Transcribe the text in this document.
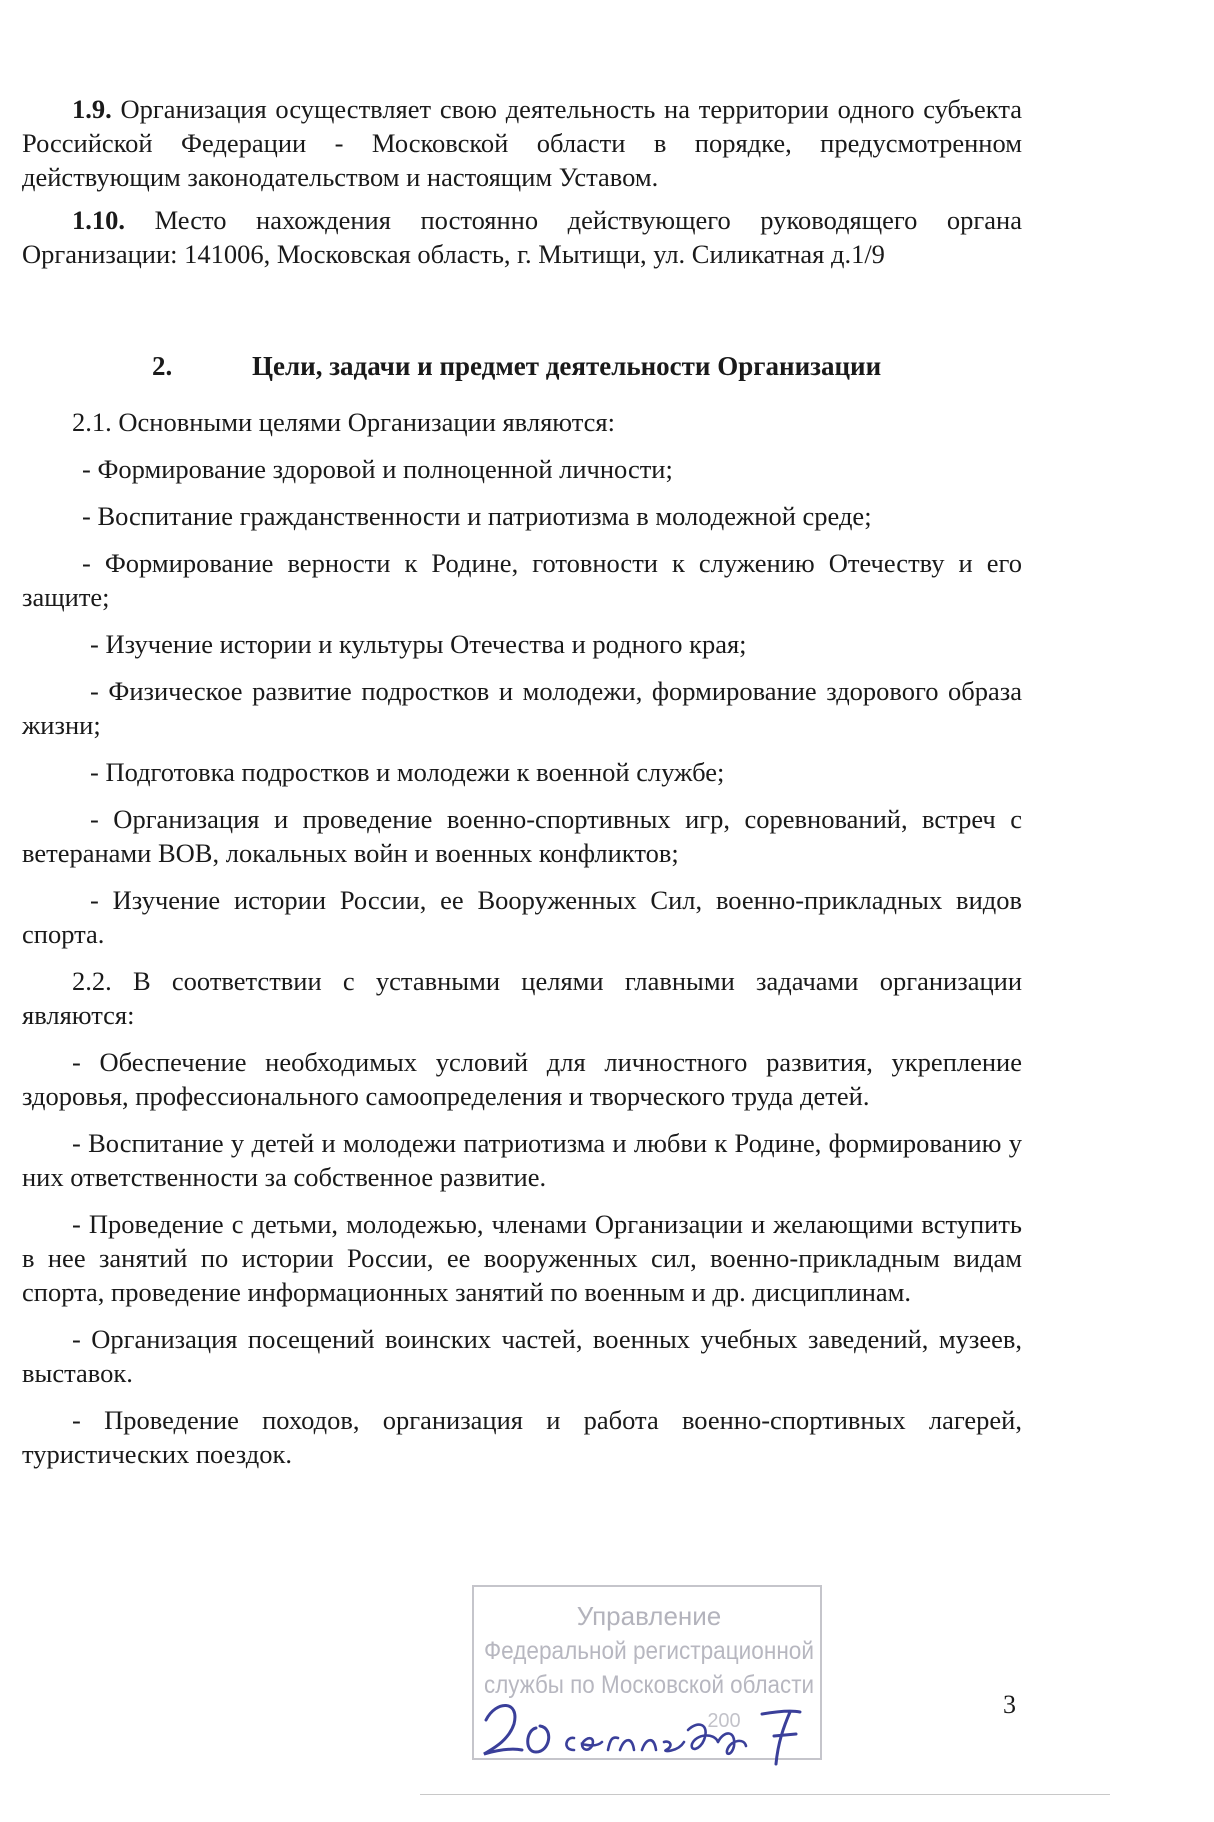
1.9. Организация осуществляет свою деятельность на территории одного субъекта Российской Федерации - Московской области в порядке, предусмотренном действующим законодательством и настоящим Уставом.

1.10. Место нахождения постоянно действующего руководящего органа Организации: 141006, Московская область, г. Мытищи, ул. Силикатная д.1/9

2.	Цели, задачи и предмет деятельности Организации

2.1. Основными целями Организации являются:

- Формирование здоровой и полноценной личности;

- Воспитание гражданственности и патриотизма в молодежной среде;

- Формирование верности к Родине, готовности к служению Отечеству и его защите;

- Изучение истории и культуры Отечества и родного края;

- Физическое развитие подростков и молодежи, формирование здорового образа жизни;

- Подготовка подростков и молодежи к военной службе;

- Организация и проведение военно-спортивных игр, соревнований, встреч с ветеранами ВОВ, локальных войн и военных конфликтов;

- Изучение истории России, ее Вооруженных Сил, военно-прикладных видов спорта.

2.2. В соответствии с уставными целями главными задачами организации являются:

- Обеспечение необходимых условий для личностного развития, укрепление здоровья, профессионального самоопределения и творческого труда детей.

- Воспитание у детей и молодежи патриотизма и любви к Родине, формированию у них ответственности за собственное развитие.

- Проведение с детьми, молодежью, членами Организации и желающими вступить в нее занятий по истории России, ее вооруженных сил, военно-прикладным видам спорта, проведение информационных занятий по военным и др. дисциплинам.

- Организация посещений воинских частей, военных учебных заведений, музеев, выставок.

- Проведение походов, организация и работа военно-спортивных лагерей, туристических поездок.

Управление
Федеральной регистрационной
службы по Московской области
200
3
